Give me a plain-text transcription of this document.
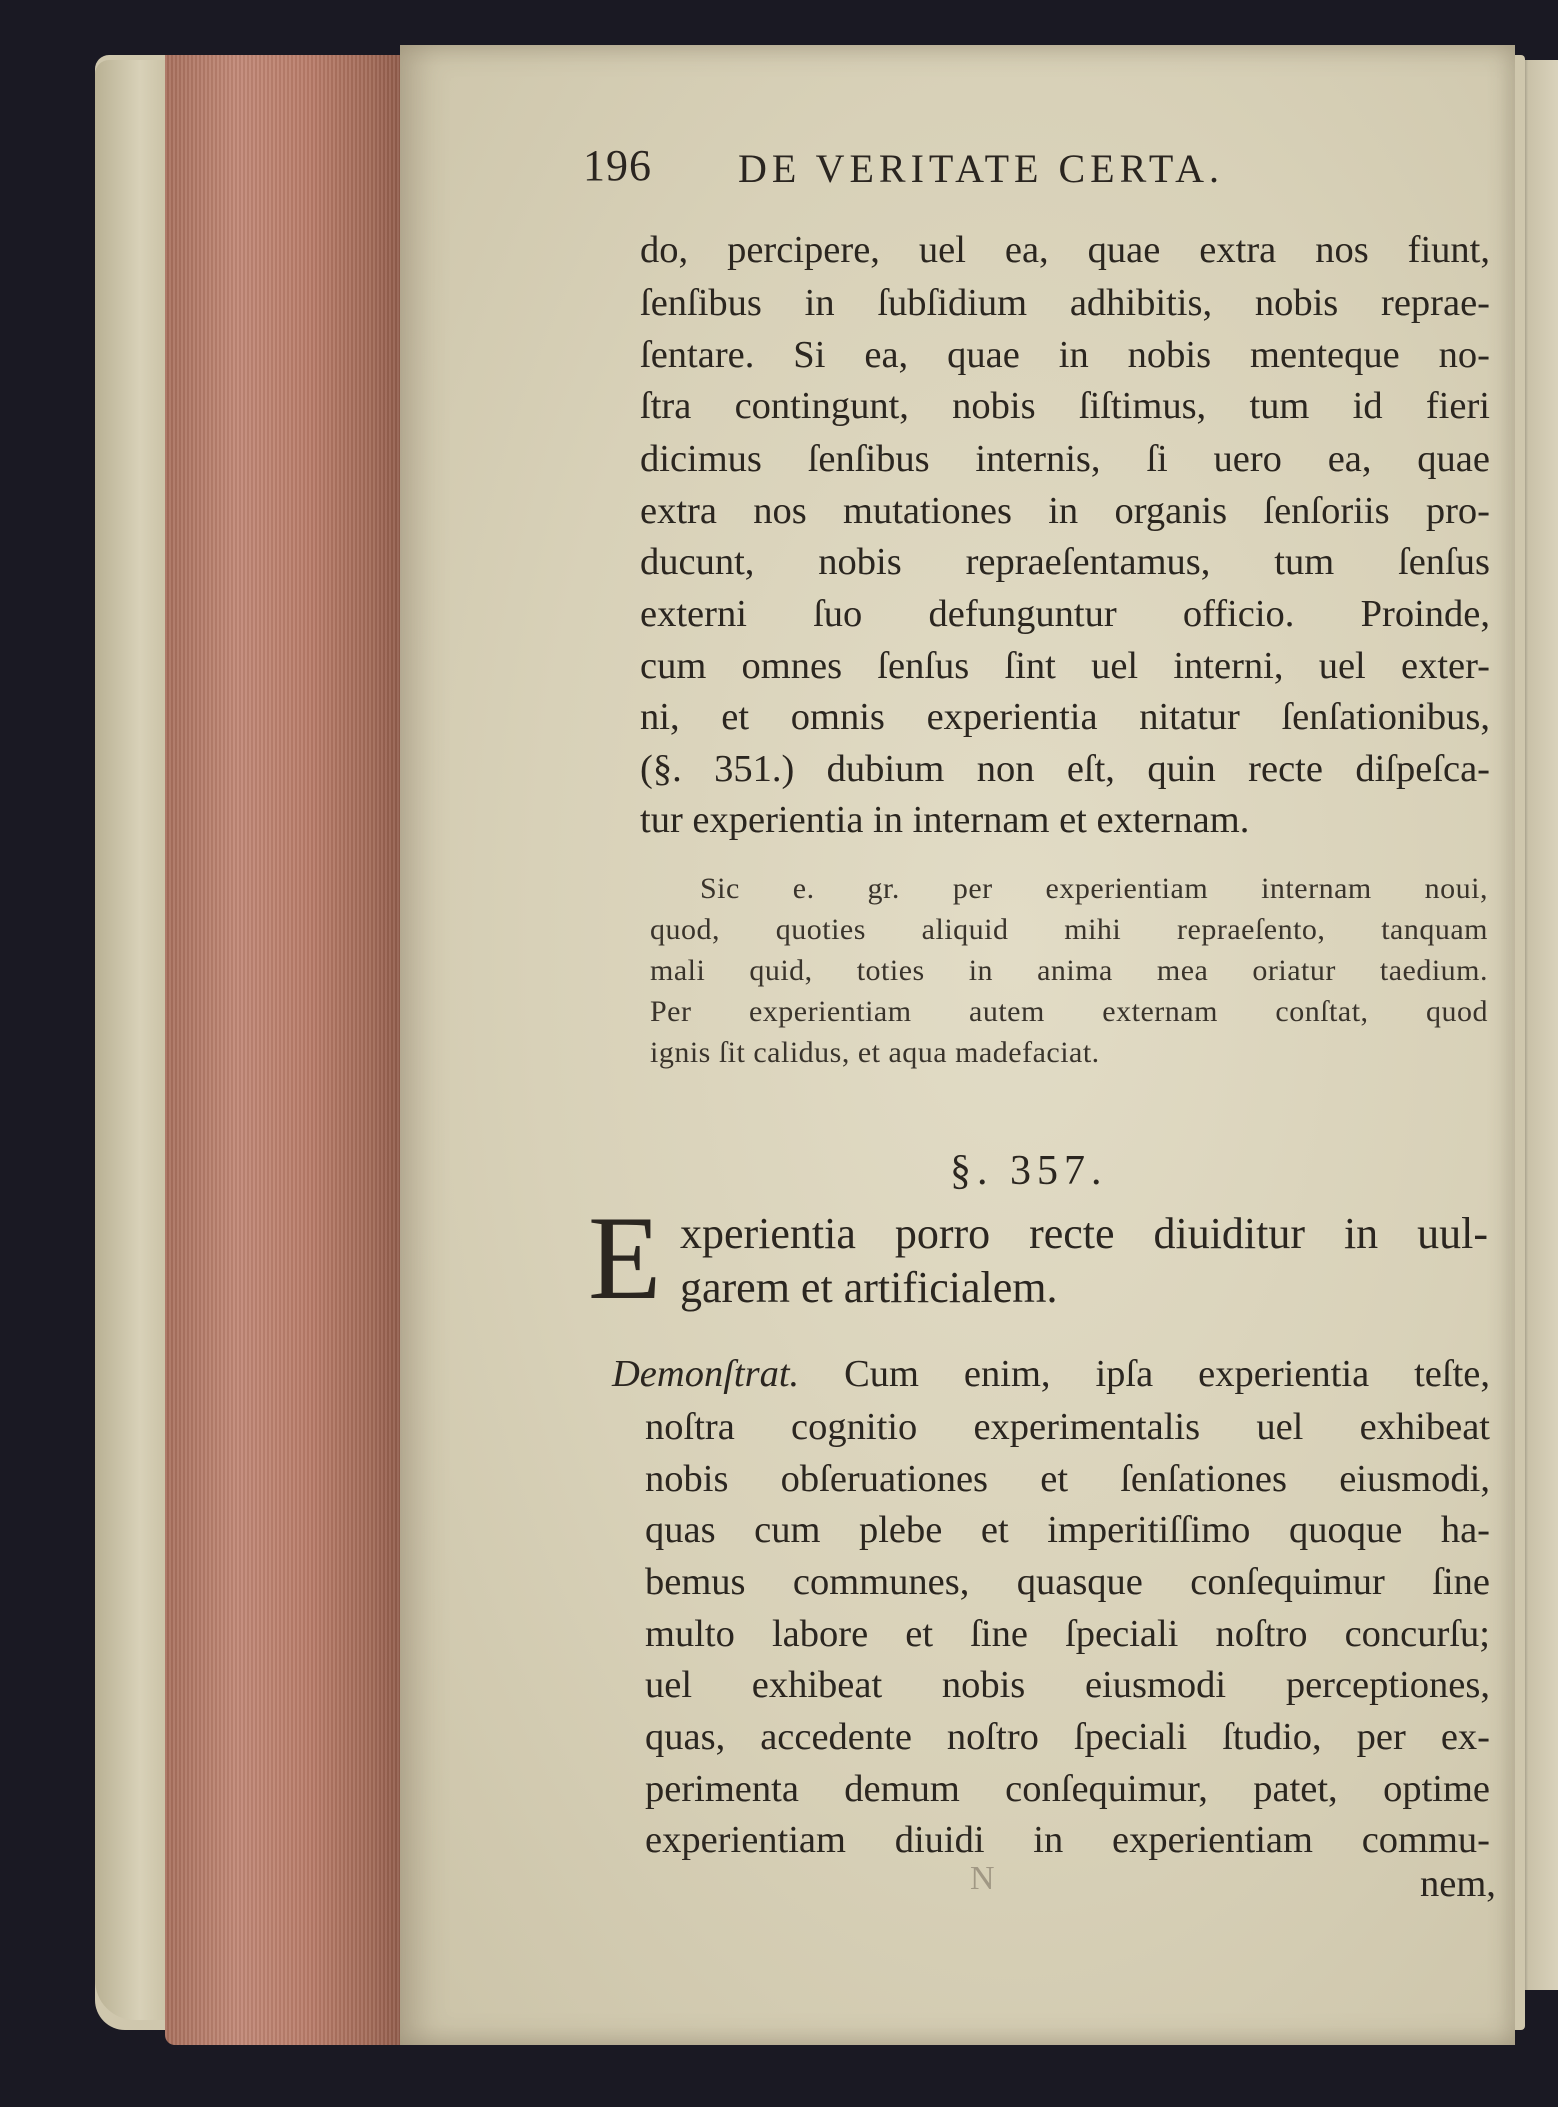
196 DE VERITATE CERTA.
do, percipere, uel ea, quae extra nos fiunt,
ſenſibus in ſubſidium adhibitis, nobis reprae-
ſentare. Si ea, quae in nobis menteque no-
ſtra contingunt, nobis ſiſtimus, tum id fieri
dicimus ſenſibus internis, ſi uero ea, quae
extra nos mutationes in organis ſenſoriis pro-
ducunt, nobis repraeſentamus, tum ſenſus
externi ſuo defunguntur officio. Proinde,
cum omnes ſenſus ſint uel interni, uel exter-
ni, et omnis experientia nitatur ſenſationibus,
(§. 351.) dubium non eſt, quin recte diſpeſca-
tur experientia in internam et externam.
Sic e. gr. per experientiam internam noui,
quod, quoties aliquid mihi repraeſento, tanquam
mali quid, toties in anima mea oriatur taedium.
Per experientiam autem externam conſtat, quod
ignis ſit calidus, et aqua madefaciat.
§. 357.
E xperientia porro recte diuiditur in uul-
garem et artificialem.
Demonſtrat. Cum enim, ipſa experientia teſte,
noſtra cognitio experimentalis uel exhibeat
nobis obſeruationes et ſenſationes eiusmodi,
quas cum plebe et imperitiſſimo quoque ha-
bemus communes, quasque conſequimur ſine
multo labore et ſine ſpeciali noſtro concurſu;
uel exhibeat nobis eiusmodi perceptiones,
quas, accedente noſtro ſpeciali ſtudio, per ex-
perimenta demum conſequimur, patet, optime
experientiam diuidi in experientiam commu-
N	nem,
